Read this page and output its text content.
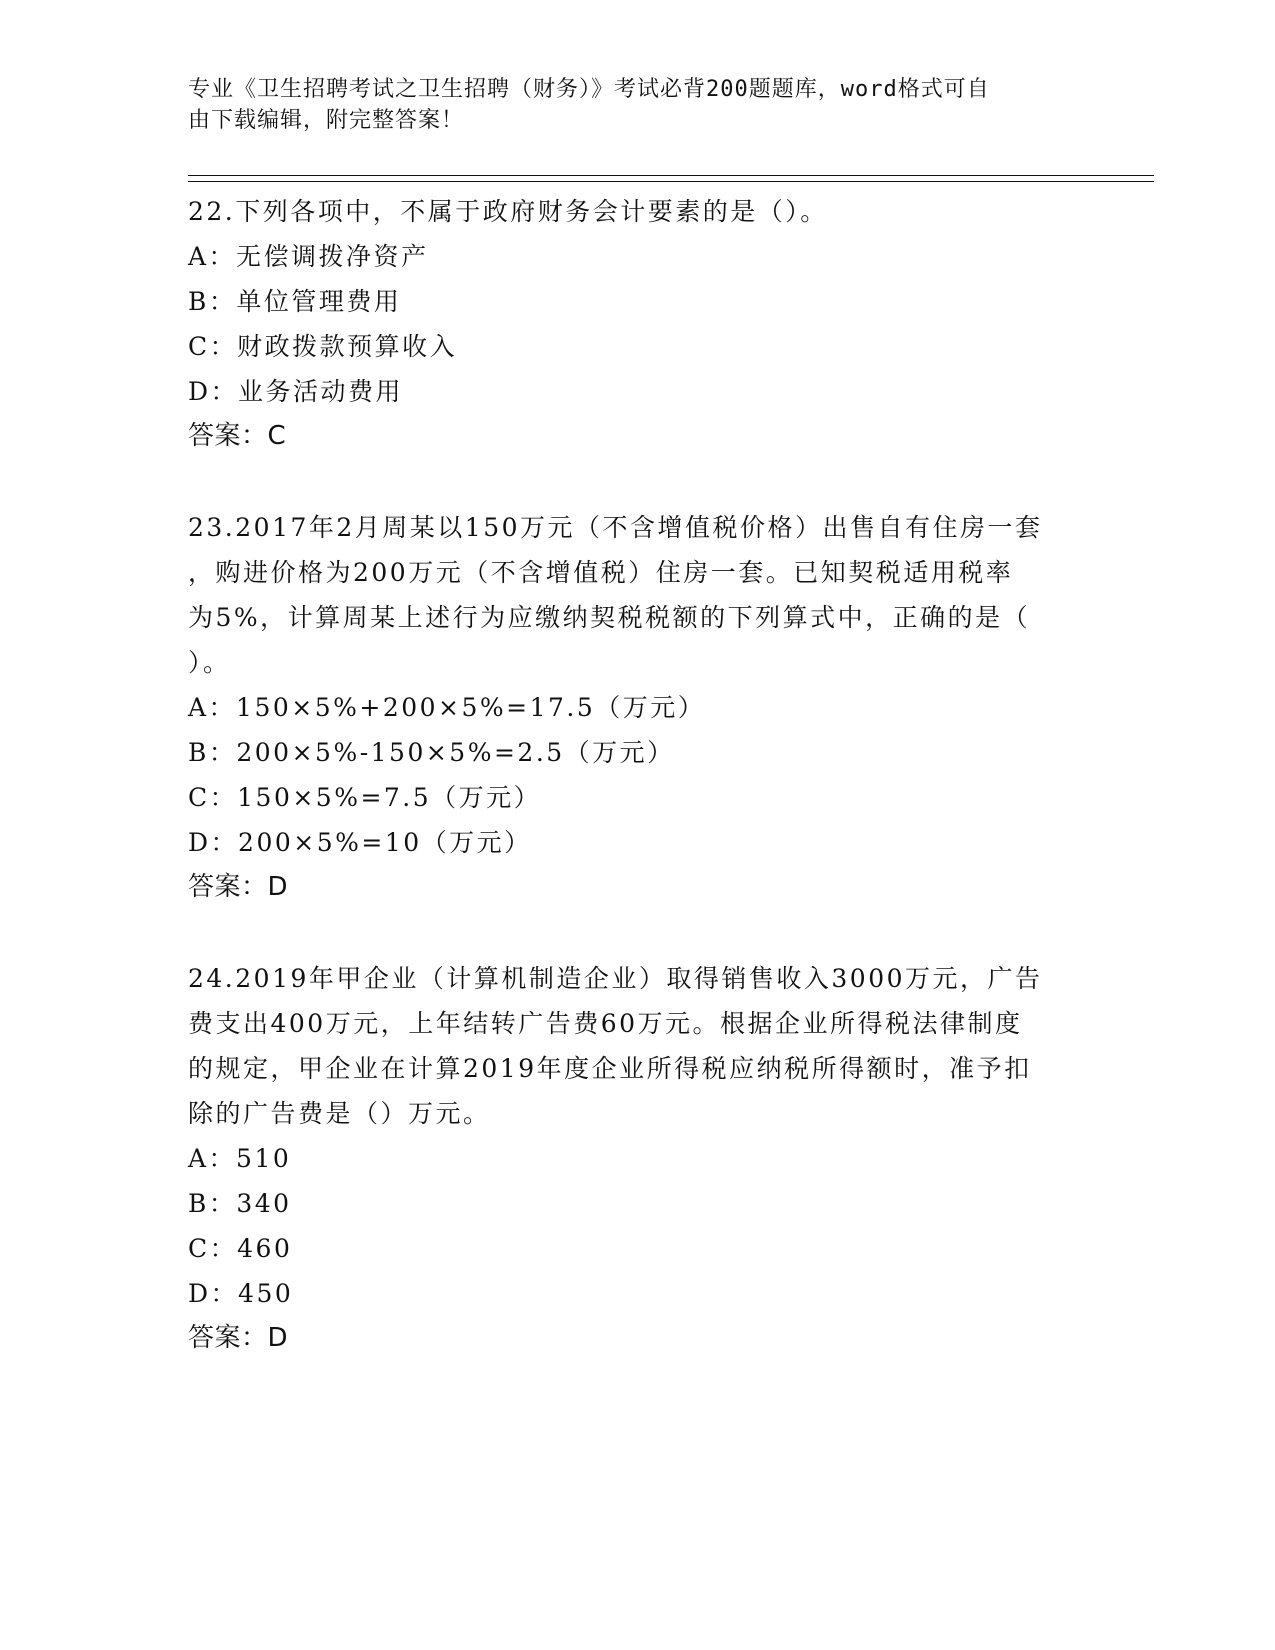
专业《卫生招聘考试之卫生招聘（财务）》考试必背200题题库，word格式可自
由下载编辑，附完整答案！
22.下列各项中，不属于政府财务会计要素的是（）。
A：无偿调拨净资产
B：单位管理费用
C：财政拨款预算收入
D：业务活动费用
答案：C
23.2017年2月周某以150万元（不含增值税价格）出售自有住房一套
，购进价格为200万元（不含增值税）住房一套。已知契税适用税率
为5%，计算周某上述行为应缴纳契税税额的下列算式中，正确的是（
）。
A：150×5%+200×5%=17.5（万元）
B：200×5%-150×5%=2.5（万元）
C：150×5%=7.5（万元）
D：200×5%=10（万元）
答案：D
24.2019年甲企业（计算机制造企业）取得销售收入3000万元，广告
费支出400万元，上年结转广告费60万元。根据企业所得税法律制度
的规定，甲企业在计算2019年度企业所得税应纳税所得额时，准予扣
除的广告费是（）万元。
A：510
B：340
C：460
D：450
答案：D
